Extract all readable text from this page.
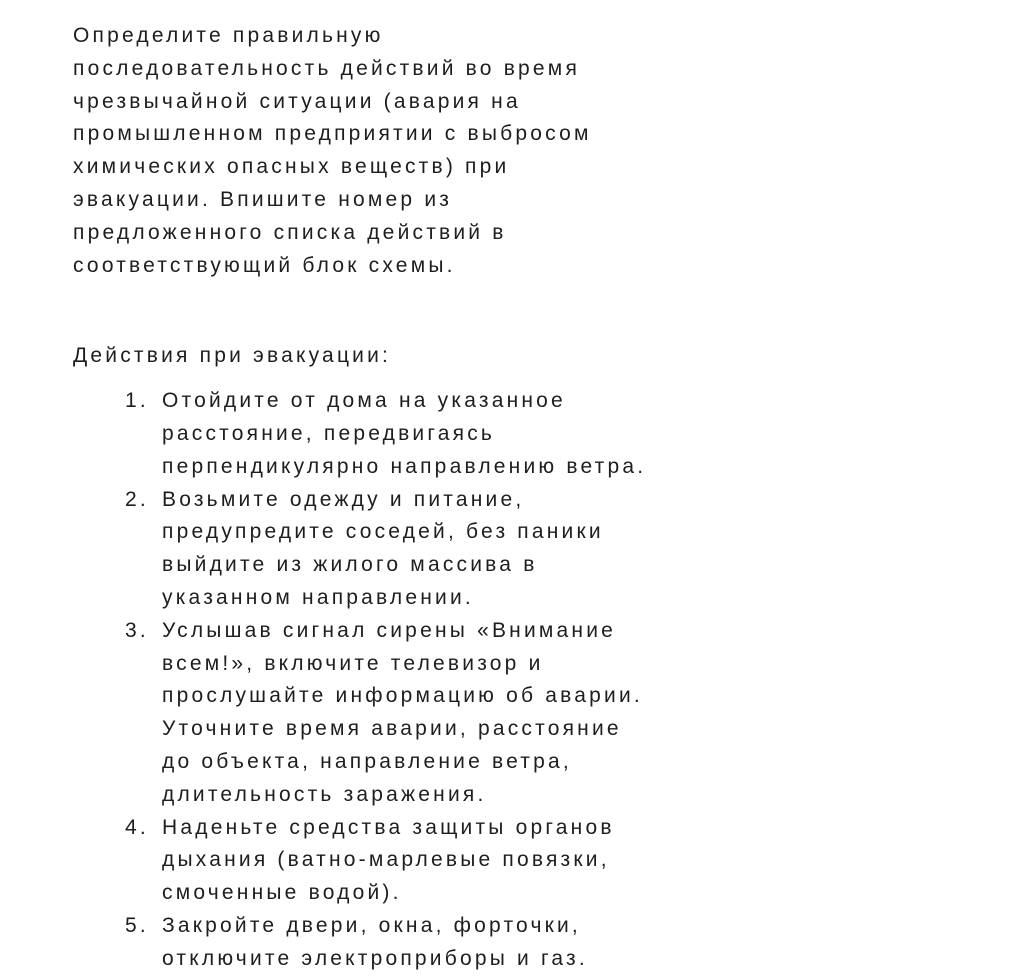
Определите правильную
последовательность действий во время
чрезвычайной ситуации (авария на
промышленном предприятии с выбросом
химических опасных веществ) при
эвакуации. Впишите номер из
предложенного списка действий в
соответствующий блок схемы.

Действия при эвакуации:
1. Отойдите от дома на указанное
расстояние, передвигаясь
перпендикулярно направлению ветра.
2. Возьмите одежду и питание,
предупредите соседей, без паники
выйдите из жилого массива в
указанном направлении.
3. Услышав сигнал сирены «Внимание
всем!», включите телевизор и
прослушайте информацию об аварии.
Уточните время аварии, расстояние
до объекта, направление ветра,
длительность заражения.
4. Наденьте средства защиты органов
дыхания (ватно-марлевые повязки,
смоченные водой).
5. Закройте двери, окна, форточки,
отключите электроприборы и газ.
